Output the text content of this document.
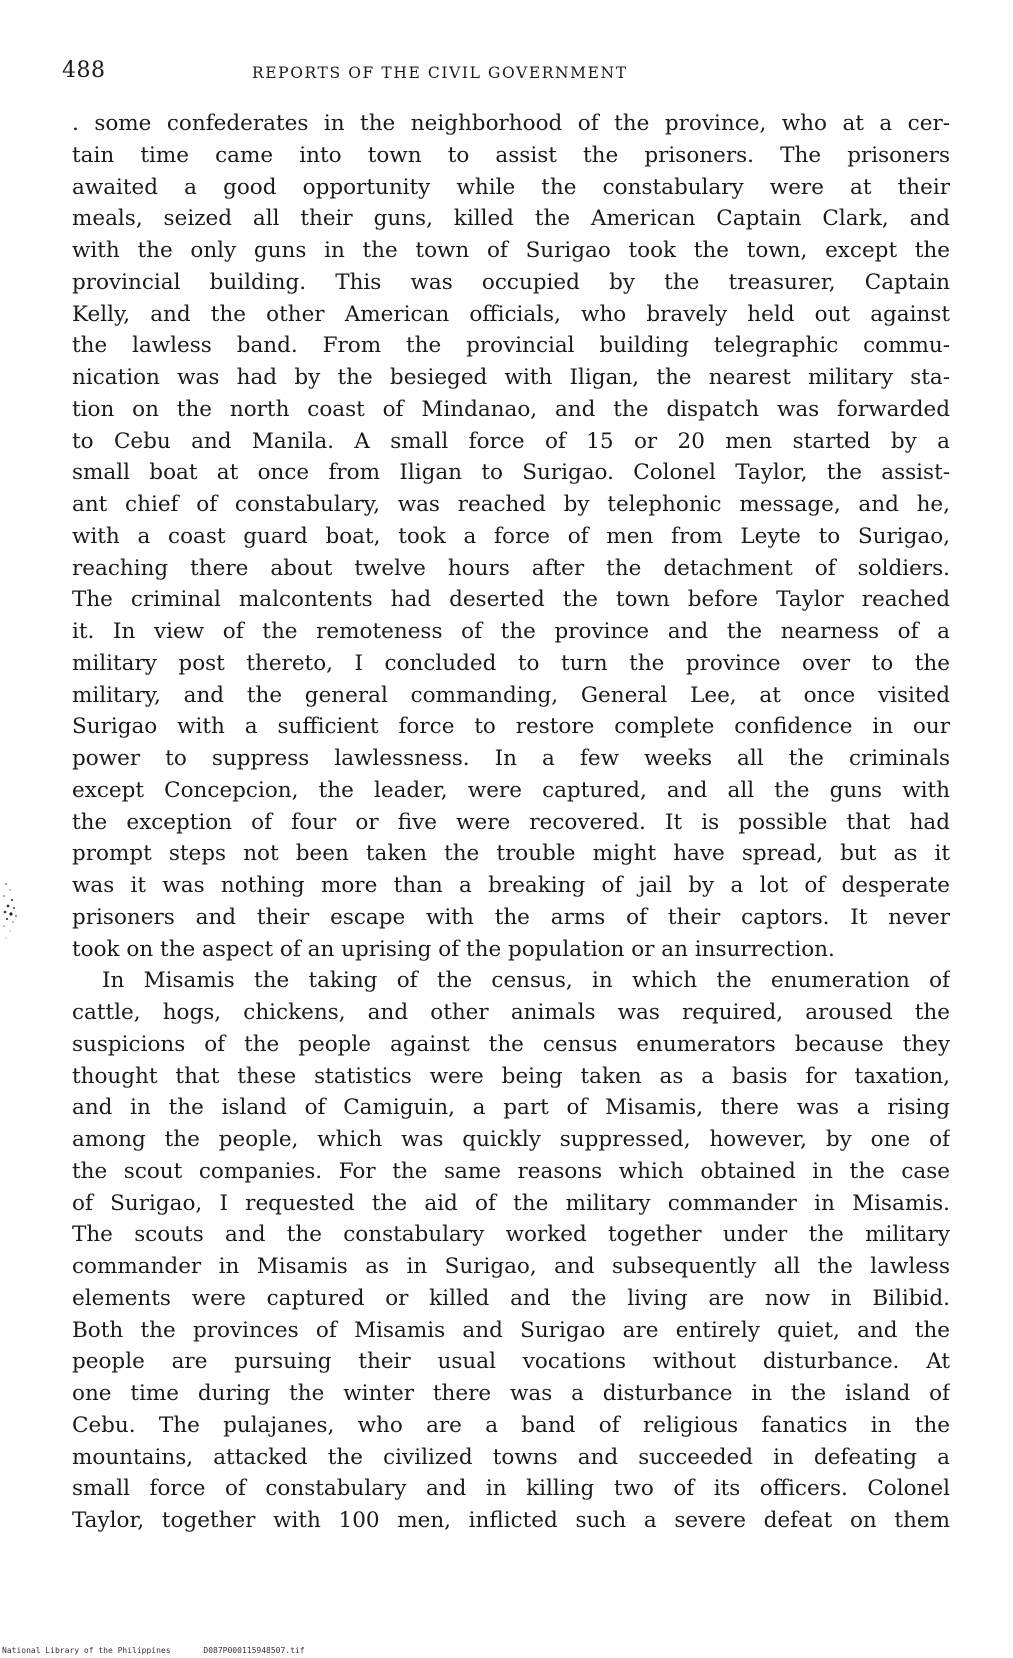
488	REPORTS OF THE CIVIL GOVERNMENT
. some confederates in the neighborhood of the province, who at a cer-
tain time came into town to assist the prisoners. The prisoners
awaited a good opportunity while the constabulary were at their
meals, seized all their guns, killed the American Captain Clark, and
with the only guns in the town of Surigao took the town, except the
provincial building. This was occupied by the treasurer, Captain
Kelly, and the other American officials, who bravely held out against
the lawless band. From the provincial building telegraphic commu-
nication was had by the besieged with Iligan, the nearest military sta-
tion on the north coast of Mindanao, and the dispatch was forwarded
to Cebu and Manila. A small force of 15 or 20 men started by a
small boat at once from Iligan to Surigao. Colonel Taylor, the assist-
ant chief of constabulary, was reached by telephonic message, and he,
with a coast guard boat, took a force of men from Leyte to Surigao,
reaching there about twelve hours after the detachment of soldiers.
The criminal malcontents had deserted the town before Taylor reached
it. In view of the remoteness of the province and the nearness of a
military post thereto, I concluded to turn the province over to the
military, and the general commanding, General Lee, at once visited
Surigao with a sufficient force to restore complete confidence in our
power to suppress lawlessness. In a few weeks all the criminals
except Concepcion, the leader, were captured, and all the guns with
the exception of four or five were recovered. It is possible that had
prompt steps not been taken the trouble might have spread, but as it
was it was nothing more than a breaking of jail by a lot of desperate
prisoners and their escape with the arms of their captors. It never
took on the aspect of an uprising of the population or an insurrection.
In Misamis the taking of the census, in which the enumeration of
cattle, hogs, chickens, and other animals was required, aroused the
suspicions of the people against the census enumerators because they
thought that these statistics were being taken as a basis for taxation,
and in the island of Camiguin, a part of Misamis, there was a rising
among the people, which was quickly suppressed, however, by one of
the scout companies. For the same reasons which obtained in the case
of Surigao, I requested the aid of the military commander in Misamis.
The scouts and the constabulary worked together under the military
commander in Misamis as in Surigao, and subsequently all the lawless
elements were captured or killed and the living are now in Bilibid.
Both the provinces of Misamis and Surigao are entirely quiet, and the
people are pursuing their usual vocations without disturbance. At
one time during the winter there was a disturbance in the island of
Cebu. The pulajanes, who are a band of religious fanatics in the
mountains, attacked the civilized towns and succeeded in defeating a
small force of constabulary and in killing two of its officers. Colonel
Taylor, together with 100 men, inflicted such a severe defeat on them
National Library of the Philippines	D087P000115948507.tif
